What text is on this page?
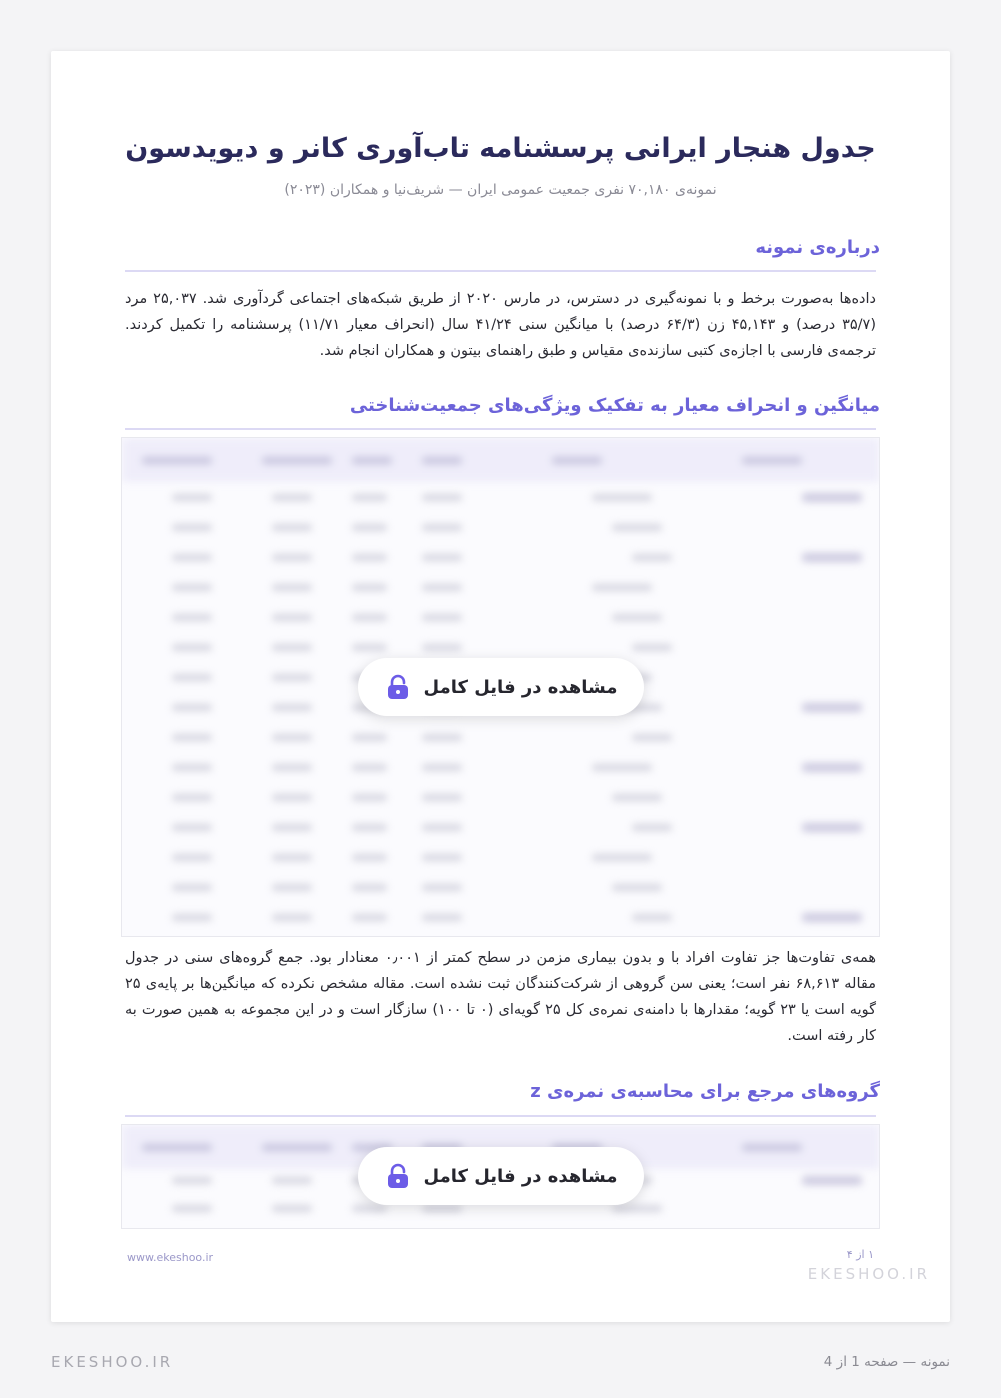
جدول هنجار ایرانی پرسشنامه تاب‌آوری کانر و دیویدسون
نمونه‌ی ۷۰,۱۸۰ نفری جمعیت عمومی ایران — شریف‌نیا و همکاران (۲۰۲۳)
درباره‌ی نمونه
داده‌ها به‌صورت برخط و با نمونه‌گیری در دسترس، در مارس ۲۰۲۰ از طریق شبکه‌های اجتماعی گردآوری شد. ۲۵,۰۳۷ مرد (۳۵/۷ درصد) و ۴۵,۱۴۳ زن (۶۴/۳ درصد) با میانگین سنی ۴۱/۲۴ سال (انحراف معیار ۱۱/۷۱) پرسشنامه را تکمیل کردند. ترجمه‌ی فارسی با اجازه‌ی کتبی سازنده‌ی مقیاس و طبق راهنمای بیتون و همکاران انجام شد.
میانگین و انحراف معیار به تفکیک ویژگی‌های جمعیت‌شناختی
مشاهده در فایل کامل
همه‌ی تفاوت‌ها جز تفاوت افراد با و بدون بیماری مزمن در سطح کمتر از ۰٫۰۰۱ معنادار بود. جمع گروه‌های سنی در جدول مقاله ۶۸,۶۱۳ نفر است؛ یعنی سن گروهی از شرکت‌کنندگان ثبت نشده است. مقاله مشخص نکرده که میانگین‌ها بر پایه‌ی ۲۵ گویه است یا ۲۳ گویه؛ مقدارها با دامنه‌ی نمره‌ی کل ۲۵ گویه‌ای (۰ تا ۱۰۰) سازگار است و در این مجموعه به همین صورت به کار رفته است.
گروه‌های مرجع برای محاسبه‌ی نمره‌ی z
مشاهده در فایل کامل
www.ekeshoo.ir	۱ از ۴
EKESHOO.IR
EKESHOO.IR	نمونه — صفحه 1 از 4
